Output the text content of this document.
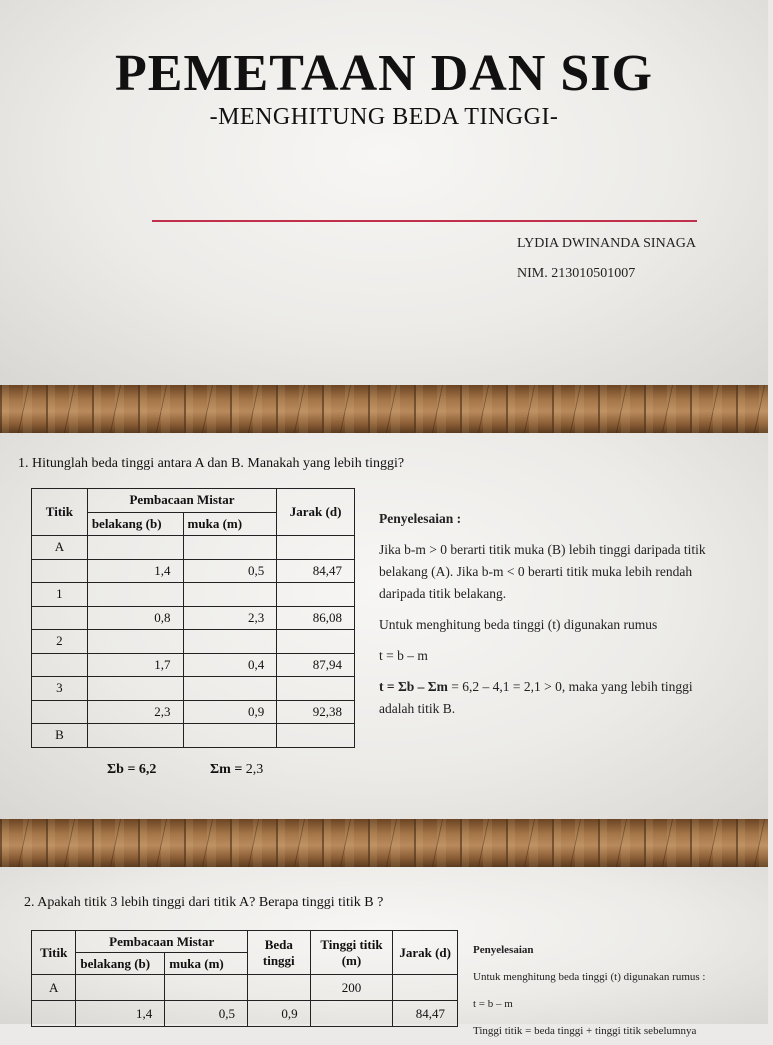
PEMETAAN DAN SIG
-MENGHITUNG BEDA TINGGI-
LYDIA DWINANDA SINAGA
NIM. 213010501007
1. Hitunglah beda tinggi antara A dan B. Manakah yang lebih tinggi?
Titik	Pembacaan Mistar		Jarak (d)
	belakang (b)	muka (m)	
A			
	1,4	0,5	84,47
1			
	0,8	2,3	86,08
2			
	1,7	0,4	87,94
3			
	2,3	0,9	92,38
B			
Σb = 6,2	Σm = 2,3
Penyelesaian :

Jika b-m > 0 berarti titik muka (B) lebih tinggi daripada titik belakang (A). Jika b-m < 0 berarti titik muka lebih rendah daripada titik belakang.

Untuk menghitung beda tinggi (t) digunakan rumus

t = b – m

t = Σb – Σm = 6,2 – 4,1 = 2,1 > 0, maka yang lebih tinggi adalah titik B.

2. Apakah titik 3 lebih tinggi dari titik A? Berapa tinggi titik B ?
Titik	Pembacaan Mistar		Beda tinggi	Tinggi titik (m)	Jarak (d)
	belakang (b)	muka (m)			
A				200	
	1,4	0,5	0,9		84,47
Penyelesaian
Untuk menghitung beda tinggi (t) digunakan rumus :
t = b – m
Tinggi titik = beda tinggi + tinggi titik sebelumnya
